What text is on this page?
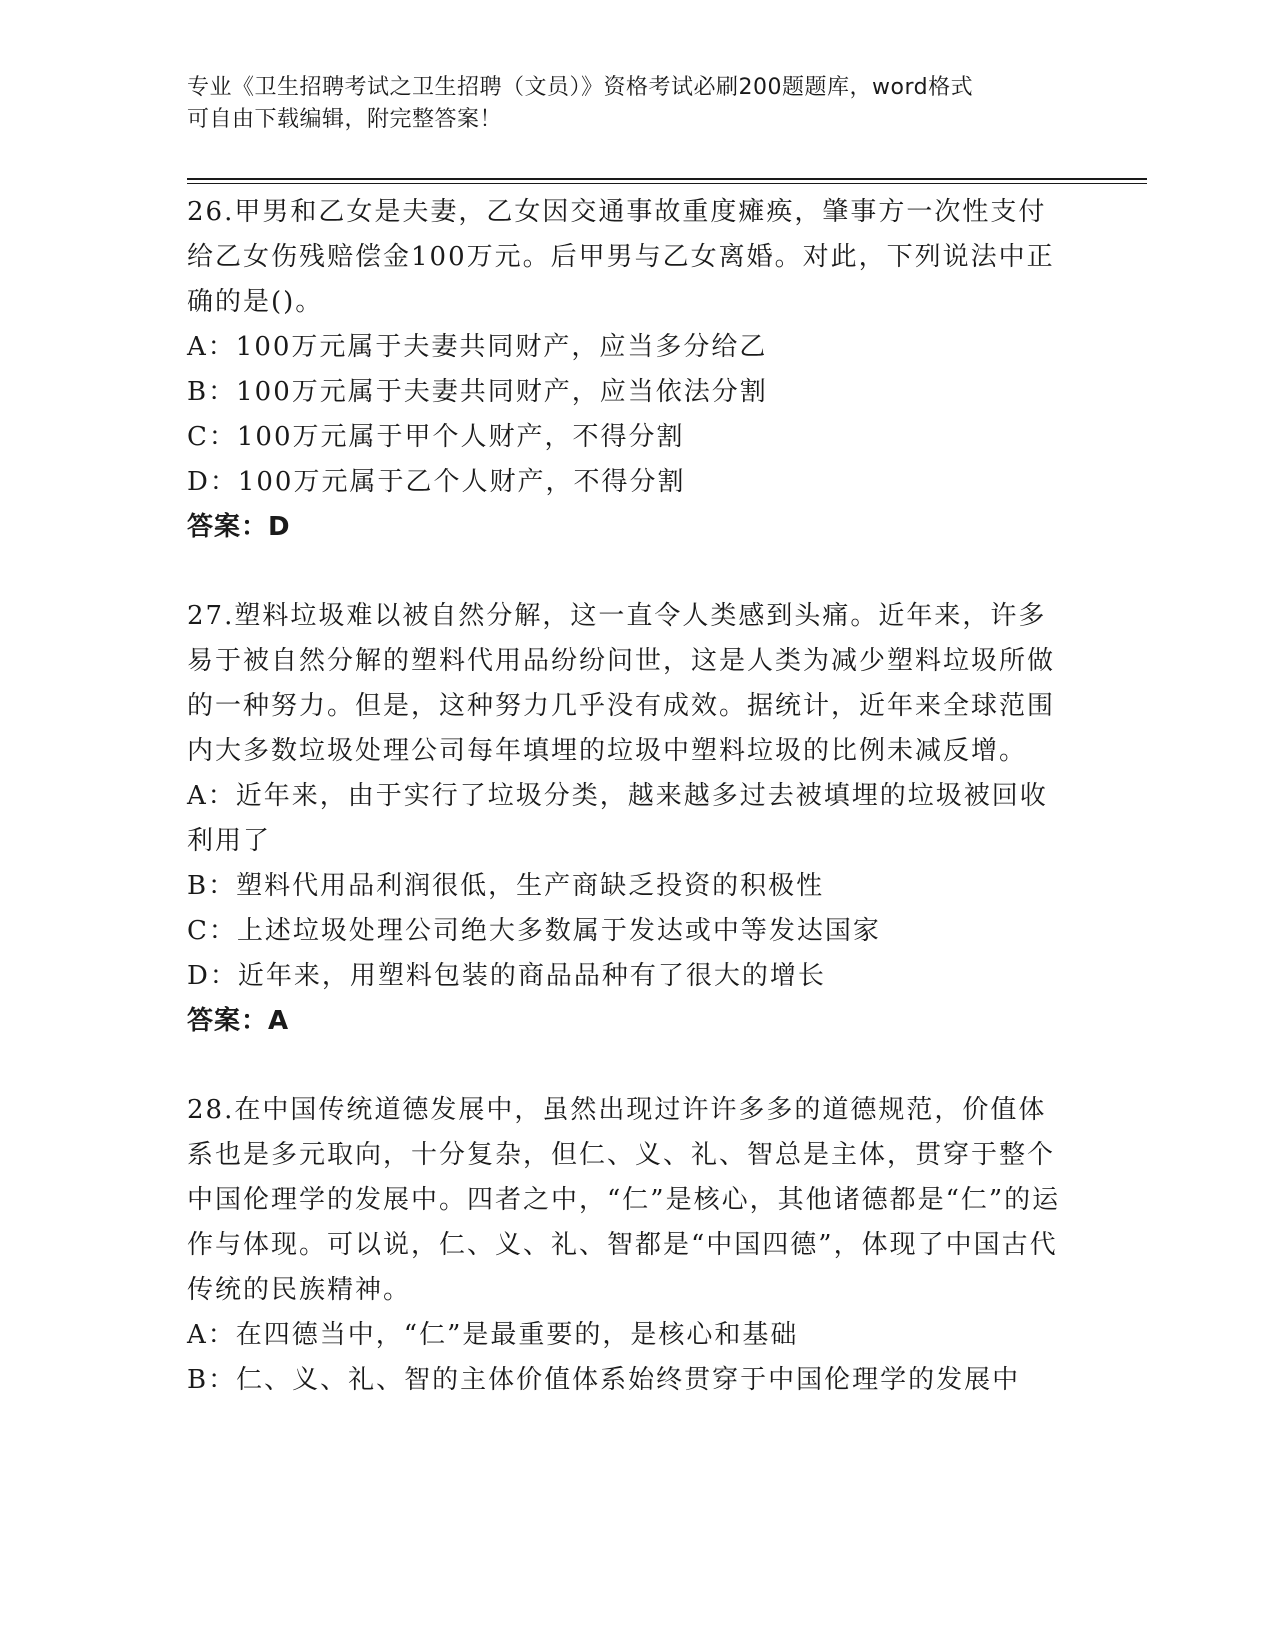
专业《卫生招聘考试之卫生招聘（文员）》资格考试必刷200题题库，word格式

可自由下载编辑，附完整答案！

26.甲男和乙女是夫妻，乙女因交通事故重度瘫痪，肇事方一次性支付给乙女伤残赔偿金100万元。后甲男与乙女离婚。对此，下列说法中正确的是()。

A：100万元属于夫妻共同财产，应当多分给乙
B：100万元属于夫妻共同财产，应当依法分割
C：100万元属于甲个人财产，不得分割
D：100万元属于乙个人财产，不得分割

答案：D

27.塑料垃圾难以被自然分解，这一直令人类感到头痛。近年来，许多易于被自然分解的塑料代用品纷纷问世，这是人类为减少塑料垃圾所做的一种努力。但是，这种努力几乎没有成效。据统计，近年来全球范围内大多数垃圾处理公司每年填埋的垃圾中塑料垃圾的比例未减反增。

A：近年来，由于实行了垃圾分类，越来越多过去被填埋的垃圾被回收利用了
B：塑料代用品利润很低，生产商缺乏投资的积极性
C：上述垃圾处理公司绝大多数属于发达或中等发达国家
D：近年来，用塑料包装的商品品种有了很大的增长

答案：A

28.在中国传统道德发展中，虽然出现过许许多多的道德规范，价值体系也是多元取向，十分复杂，但仁、义、礼、智总是主体，贯穿于整个中国伦理学的发展中。四者之中，“仁”是核心，其他诸德都是“仁”的运作与体现。可以说，仁、义、礼、智都是“中国四德”，体现了中国古代传统的民族精神。

A：在四德当中，“仁”是最重要的，是核心和基础
B：仁、义、礼、智的主体价值体系始终贯穿于中国伦理学的发展中
